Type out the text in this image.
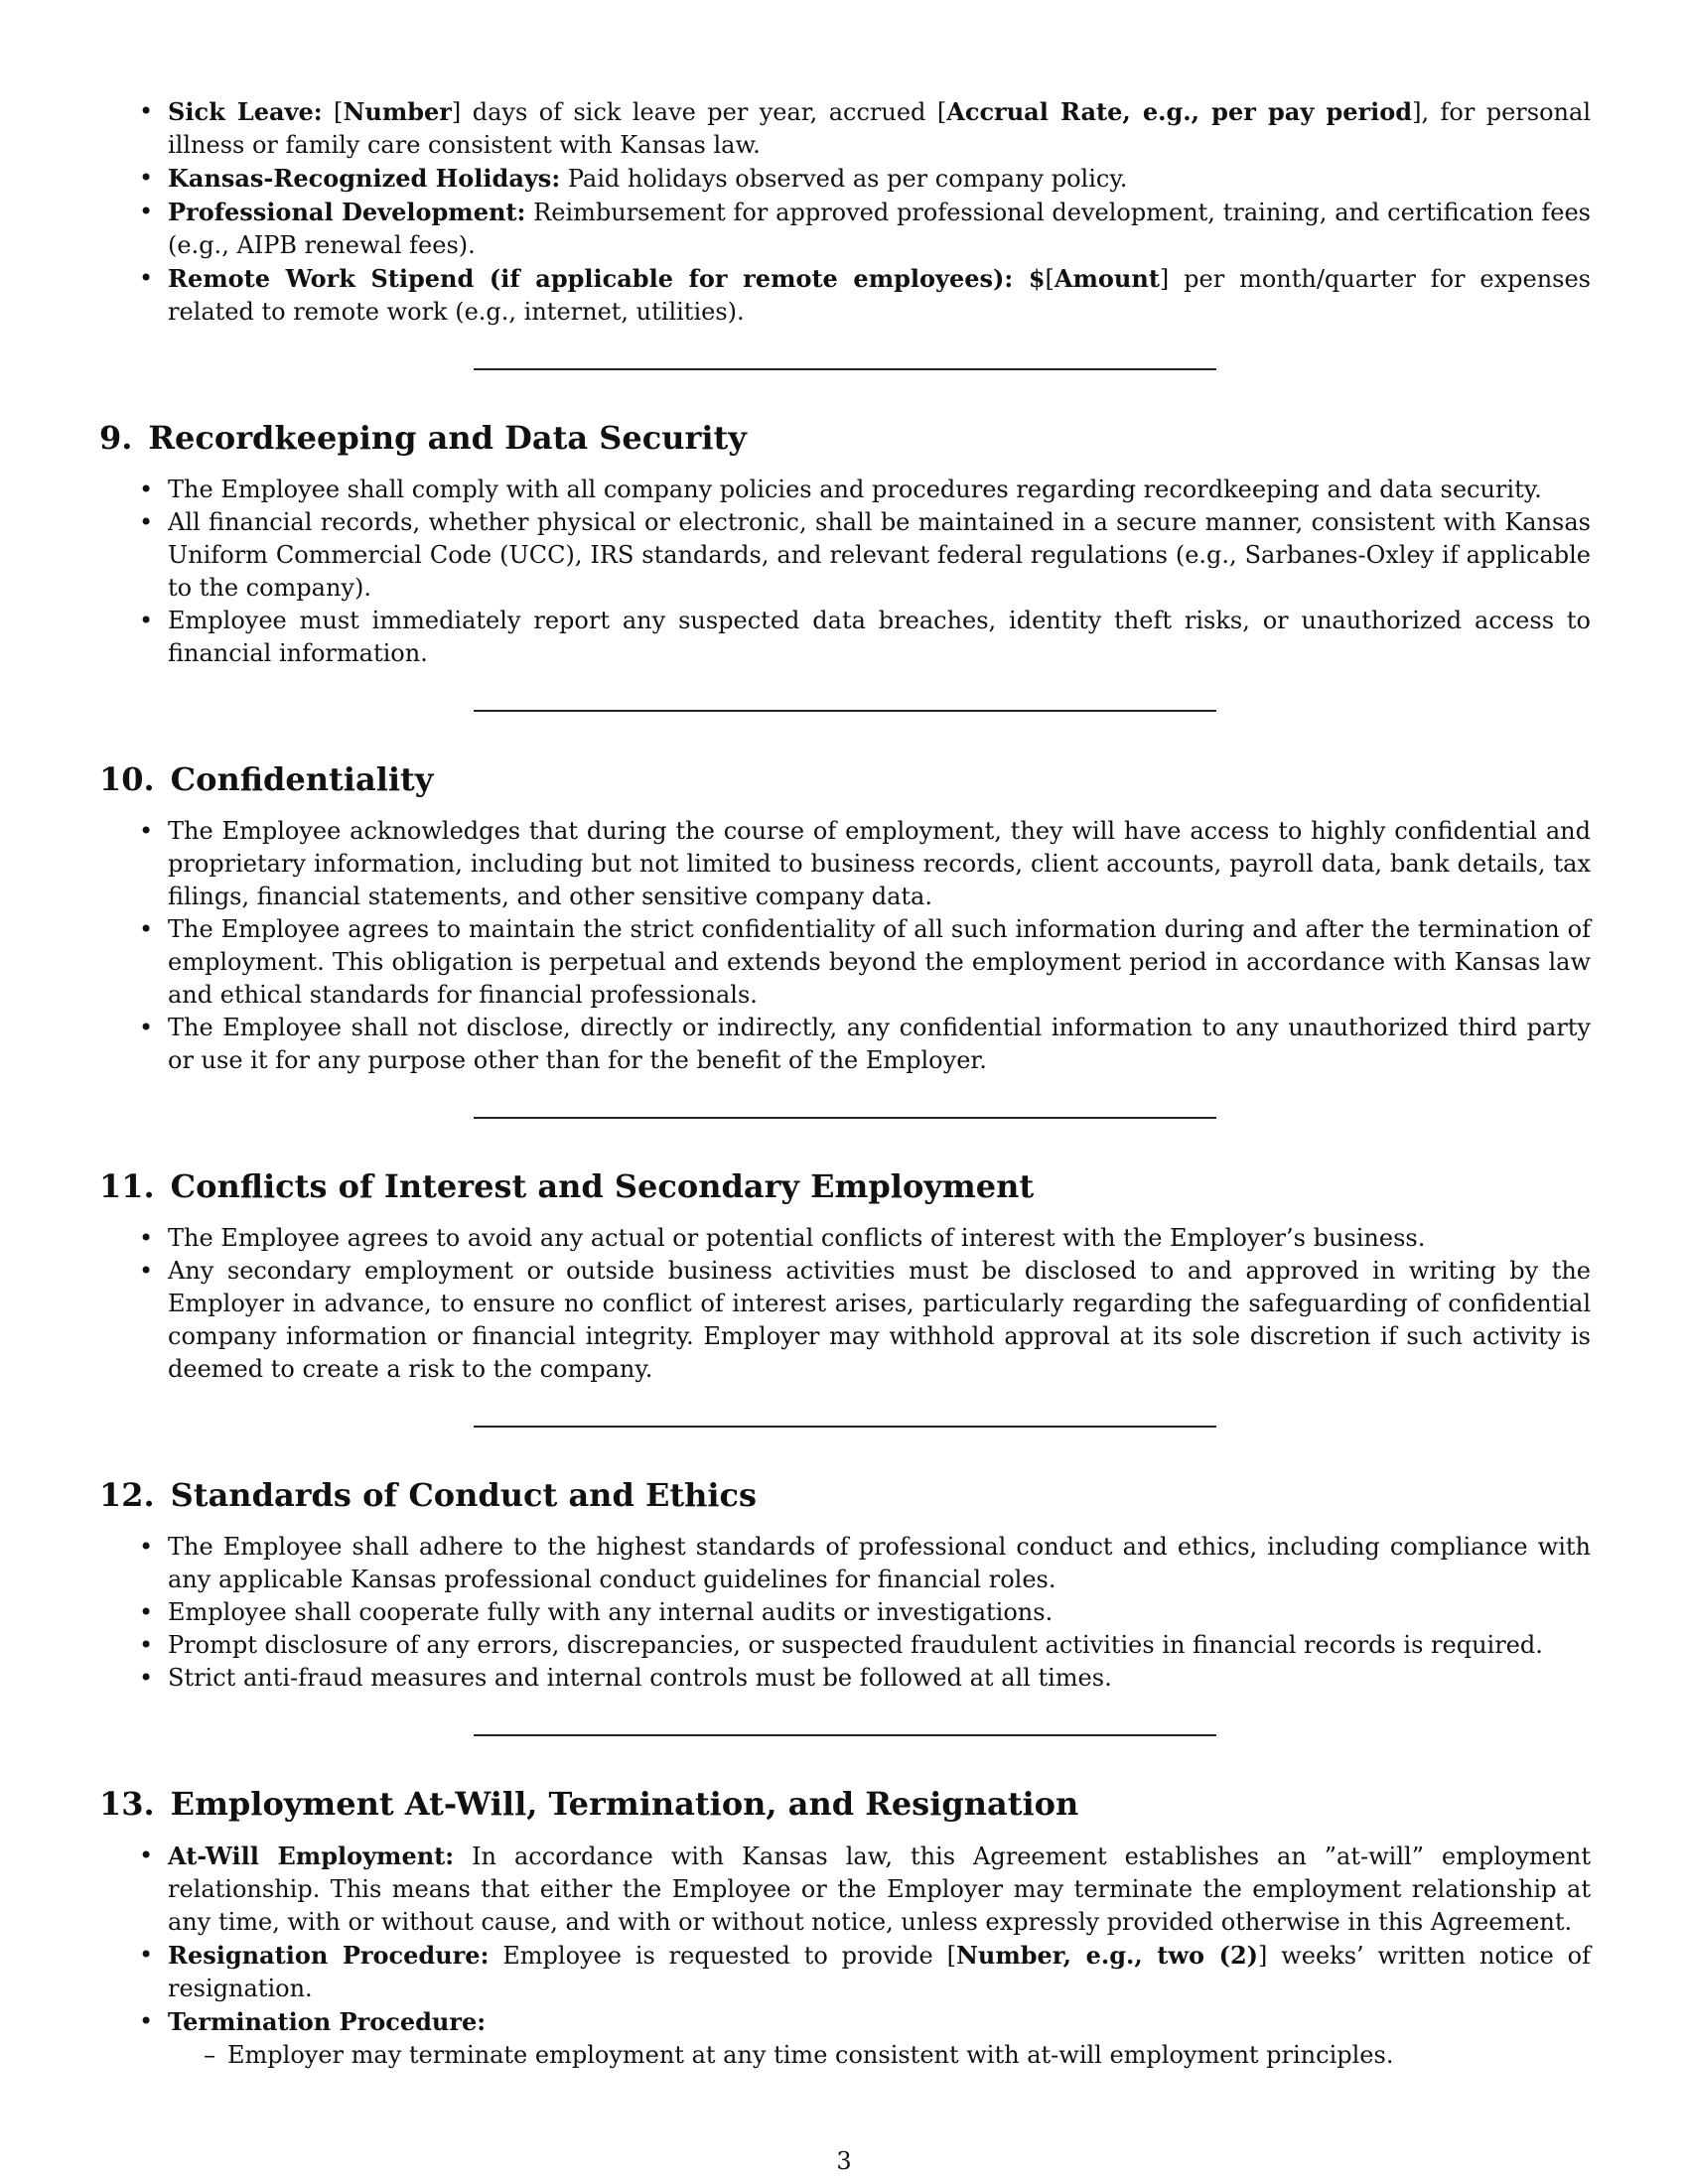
• Sick Leave: [Number] days of sick leave per year, accrued [Accrual Rate, e.g., per pay period], for personal illness or family care consistent with Kansas law.
• Kansas-Recognized Holidays: Paid holidays observed as per company policy.
• Professional Development: Reimbursement for approved professional development, training, and certification fees (e.g., AIPB renewal fees).
• Remote Work Stipend (if applicable for remote employees): $[Amount] per month/quarter for expenses related to remote work (e.g., internet, utilities).
9. Recordkeeping and Data Security
• The Employee shall comply with all company policies and procedures regarding recordkeeping and data security.
• All financial records, whether physical or electronic, shall be maintained in a secure manner, consistent with Kansas Uniform Commercial Code (UCC), IRS standards, and relevant federal regulations (e.g., Sarbanes-Oxley if applicable to the company).
• Employee must immediately report any suspected data breaches, identity theft risks, or unauthorized access to financial information.
10. Confidentiality
• The Employee acknowledges that during the course of employment, they will have access to highly confidential and proprietary information, including but not limited to business records, client accounts, payroll data, bank details, tax filings, financial statements, and other sensitive company data.
• The Employee agrees to maintain the strict confidentiality of all such information during and after the termination of employment. This obligation is perpetual and extends beyond the employment period in accordance with Kansas law and ethical standards for financial professionals.
• The Employee shall not disclose, directly or indirectly, any confidential information to any unauthorized third party or use it for any purpose other than for the benefit of the Employer.
11. Conflicts of Interest and Secondary Employment
• The Employee agrees to avoid any actual or potential conflicts of interest with the Employer’s business.
• Any secondary employment or outside business activities must be disclosed to and approved in writing by the Employer in advance, to ensure no conflict of interest arises, particularly regarding the safeguarding of confidential company information or financial integrity. Employer may withhold approval at its sole discretion if such activity is deemed to create a risk to the company.
12. Standards of Conduct and Ethics
• The Employee shall adhere to the highest standards of professional conduct and ethics, including compliance with any applicable Kansas professional conduct guidelines for financial roles.
• Employee shall cooperate fully with any internal audits or investigations.
• Prompt disclosure of any errors, discrepancies, or suspected fraudulent activities in financial records is required.
• Strict anti-fraud measures and internal controls must be followed at all times.
13. Employment At-Will, Termination, and Resignation
• At-Will Employment: In accordance with Kansas law, this Agreement establishes an ”at-will” employment relationship. This means that either the Employee or the Employer may terminate the employment relationship at any time, with or without cause, and with or without notice, unless expressly provided otherwise in this Agreement.
• Resignation Procedure: Employee is requested to provide [Number, e.g., two (2)] weeks’ written notice of resignation.
• Termination Procedure:
– Employer may terminate employment at any time consistent with at-will employment principles.
3
